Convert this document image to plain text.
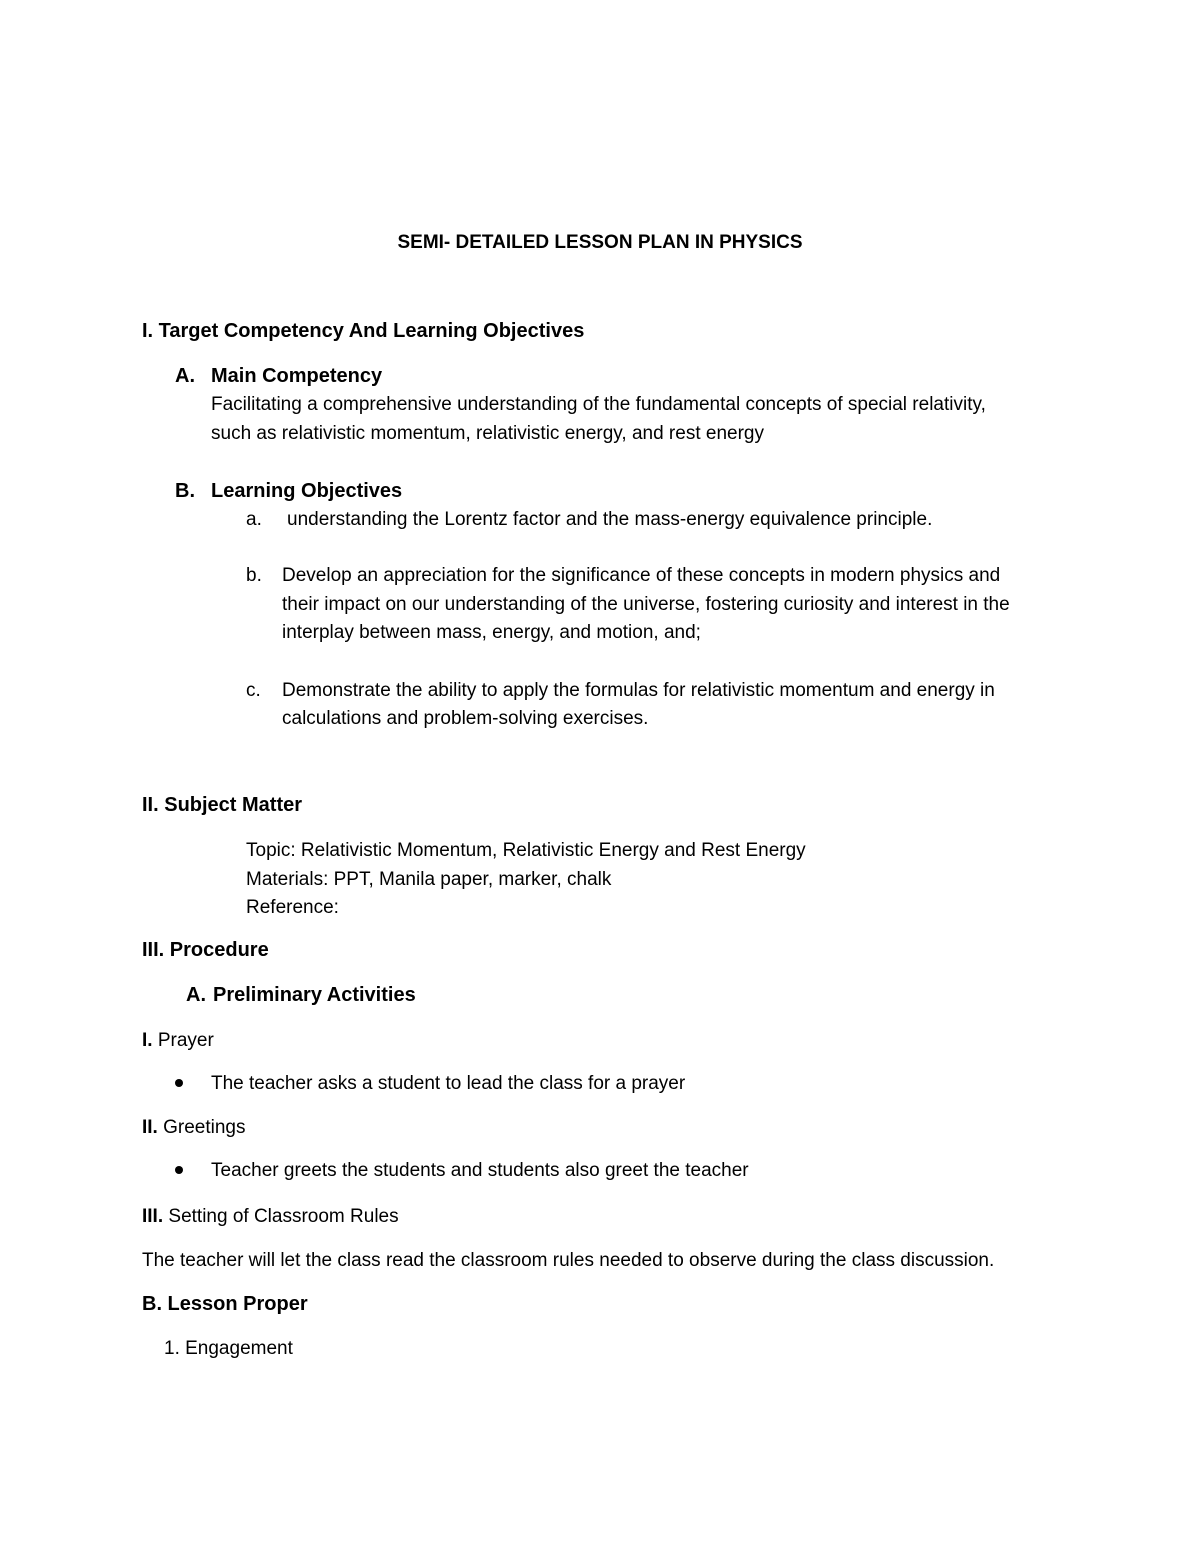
SEMI- DETAILED LESSON PLAN IN PHYSICS
I. Target Competency And Learning Objectives
A. Main Competency
Facilitating a comprehensive understanding of the fundamental concepts of special relativity,
such as relativistic momentum, relativistic energy, and rest energy
B. Learning Objectives
a. understanding the Lorentz factor and the mass-energy equivalence principle.
b. Develop an appreciation for the significance of these concepts in modern physics and
their impact on our understanding of the universe, fostering curiosity and interest in the
interplay between mass, energy, and motion, and;
c. Demonstrate the ability to apply the formulas for relativistic momentum and energy in
calculations and problem-solving exercises.
II. Subject Matter
Topic: Relativistic Momentum, Relativistic Energy and Rest Energy
Materials: PPT, Manila paper, marker, chalk
Reference:
III. Procedure
A. Preliminary Activities
I. Prayer
The teacher asks a student to lead the class for a prayer
II. Greetings
Teacher greets the students and students also greet the teacher
III. Setting of Classroom Rules
The teacher will let the class read the classroom rules needed to observe during the class discussion.
B. Lesson Proper
1. Engagement
